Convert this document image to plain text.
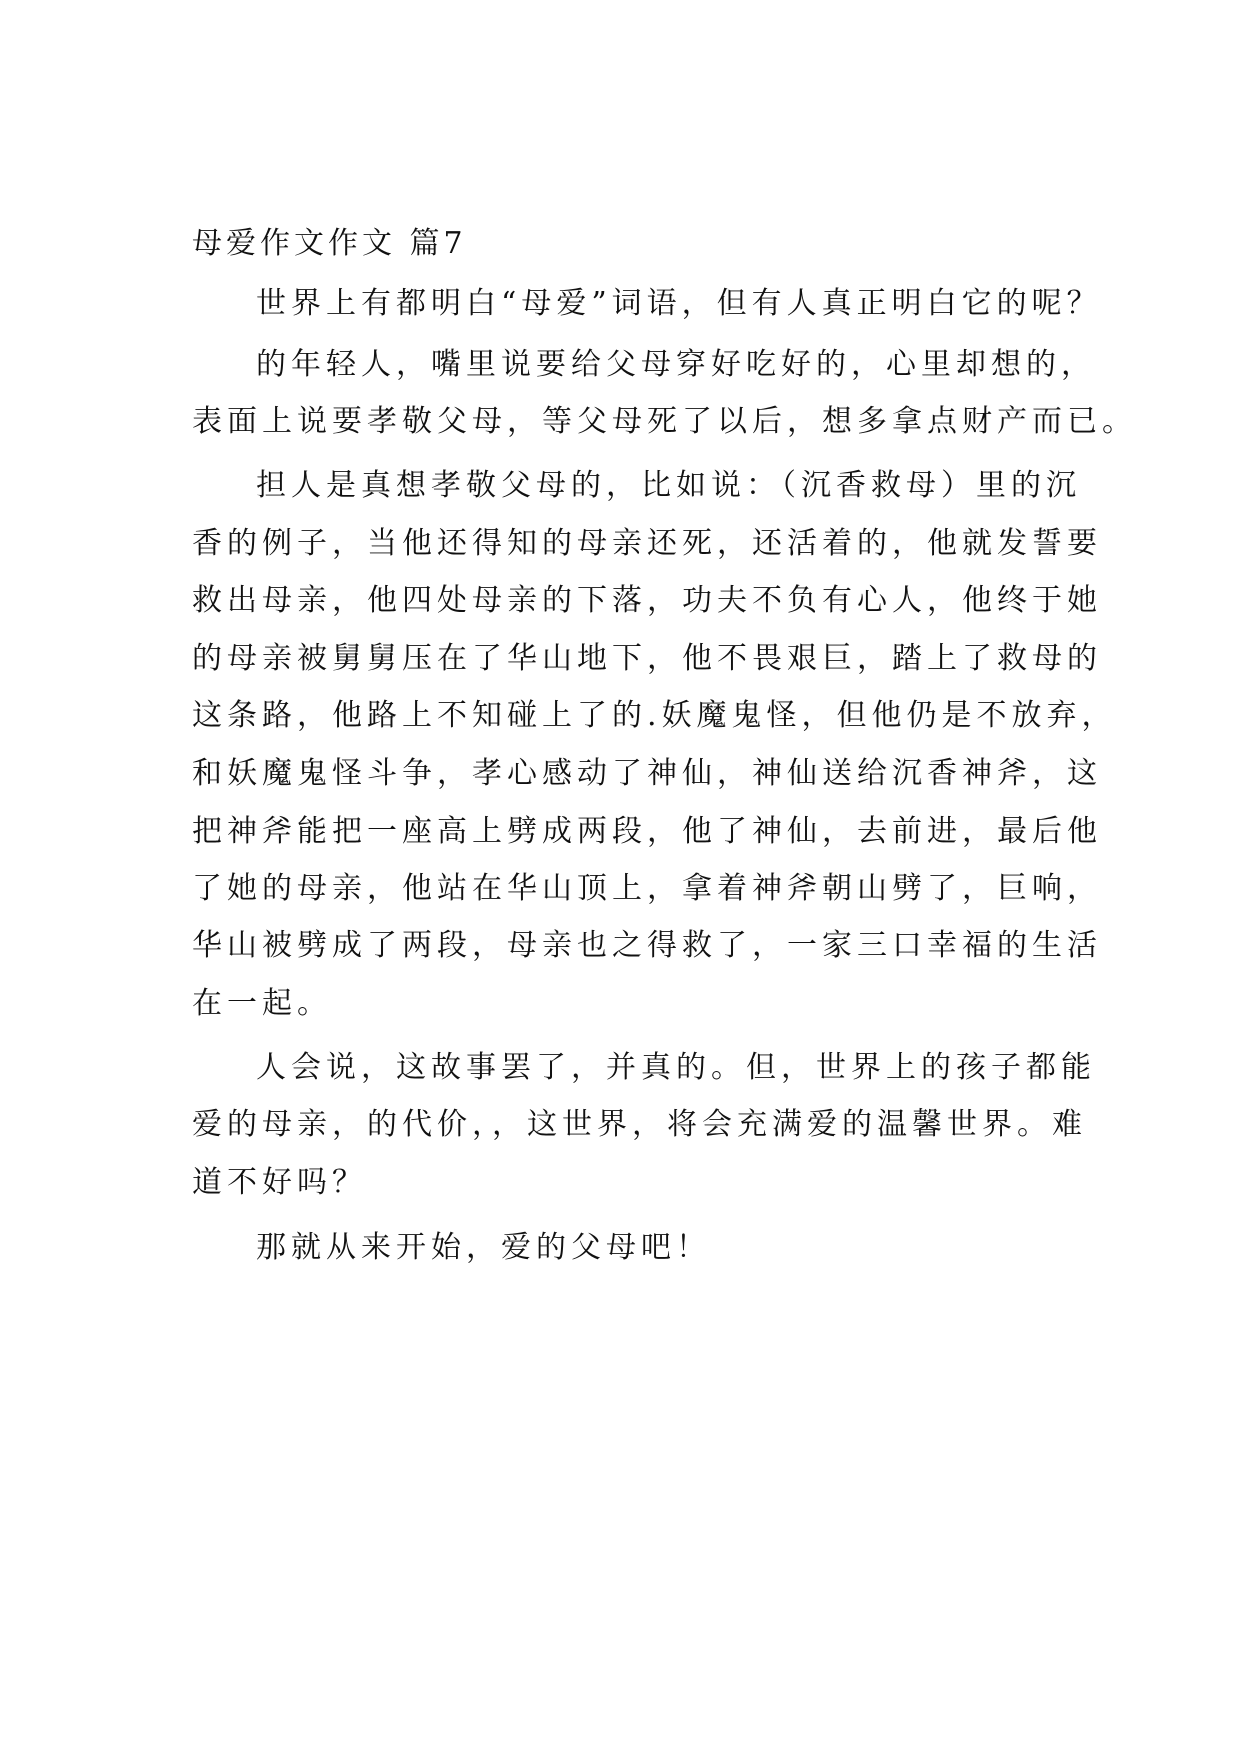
母爱作文作文 篇7
世界上有都明白“母爱”词语，但有人真正明白它的呢？
的年轻人，嘴里说要给父母穿好吃好的，心里却想的，
表面上说要孝敬父母，等父母死了以后，想多拿点财产而已。
担人是真想孝敬父母的，比如说：（沉香救母）里的沉
香的例子，当他还得知的母亲还死，还活着的，他就发誓要
救出母亲，他四处母亲的下落，功夫不负有心人，他终于她
的母亲被舅舅压在了华山地下，他不畏艰巨，踏上了救母的
这条路，他路上不知碰上了的.妖魔鬼怪，但他仍是不放弃，
和妖魔鬼怪斗争，孝心感动了神仙，神仙送给沉香神斧，这
把神斧能把一座高上劈成两段，他了神仙，去前进，最后他
了她的母亲，他站在华山顶上，拿着神斧朝山劈了，巨响，
华山被劈成了两段，母亲也之得救了，一家三口幸福的生活
在一起。
人会说，这故事罢了，并真的。但，世界上的孩子都能
爱的母亲，的代价，，这世界，将会充满爱的温馨世界。难
道不好吗？
那就从来开始，爱的父母吧！
